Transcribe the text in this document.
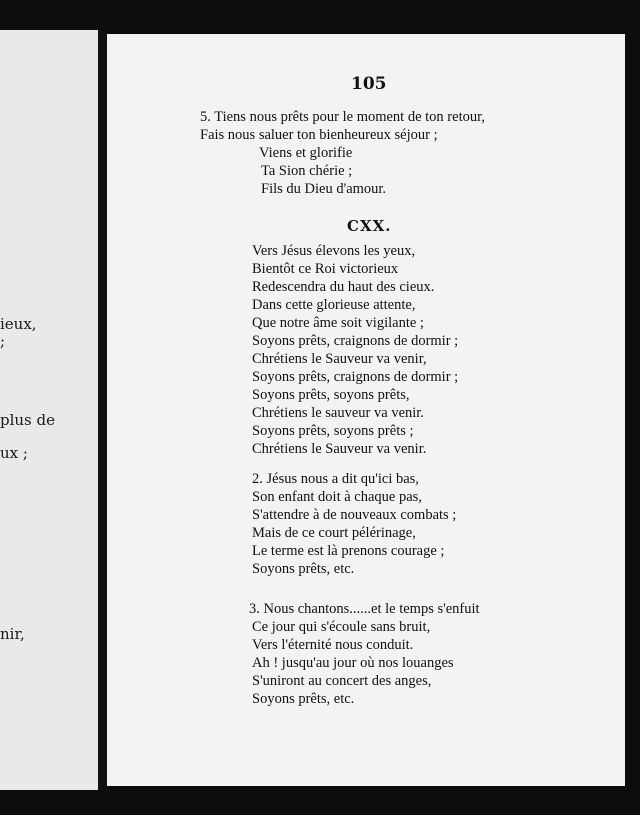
ieux,
;
plus de
ux ;
nir,
105
5. Tiens nous prêts pour le moment de ton retour,
Fais nous saluer ton bienheureux séjour ;
Viens et glorifie
Ta Sion chérie ;
Fils du Dieu d'amour.
CXX.
Vers Jésus élevons les yeux,
Bientôt ce Roi victorieux
Redescendra du haut des cieux.
Dans cette glorieuse attente,
Que notre âme soit vigilante ;
Soyons prêts, craignons de dormir ;
Chrétiens le Sauveur va venir,
Soyons prêts, craignons de dormir ;
Soyons prêts, soyons prêts,
Chrétiens le sauveur va venir.
Soyons prêts, soyons prêts ;
Chrétiens le Sauveur va venir.
2. Jésus nous a dit qu'ici bas,
Son enfant doit à chaque pas,
S'attendre à de nouveaux combats ;
Mais de ce court pélérinage,
Le terme est là prenons courage ;
Soyons prêts, etc.
3. Nous chantons......et le temps s'enfuit
Ce jour qui s'écoule sans bruit,
Vers l'éternité nous conduit.
Ah ! jusqu'au jour où nos louanges
S'uniront au concert des anges,
Soyons prêts, etc.
